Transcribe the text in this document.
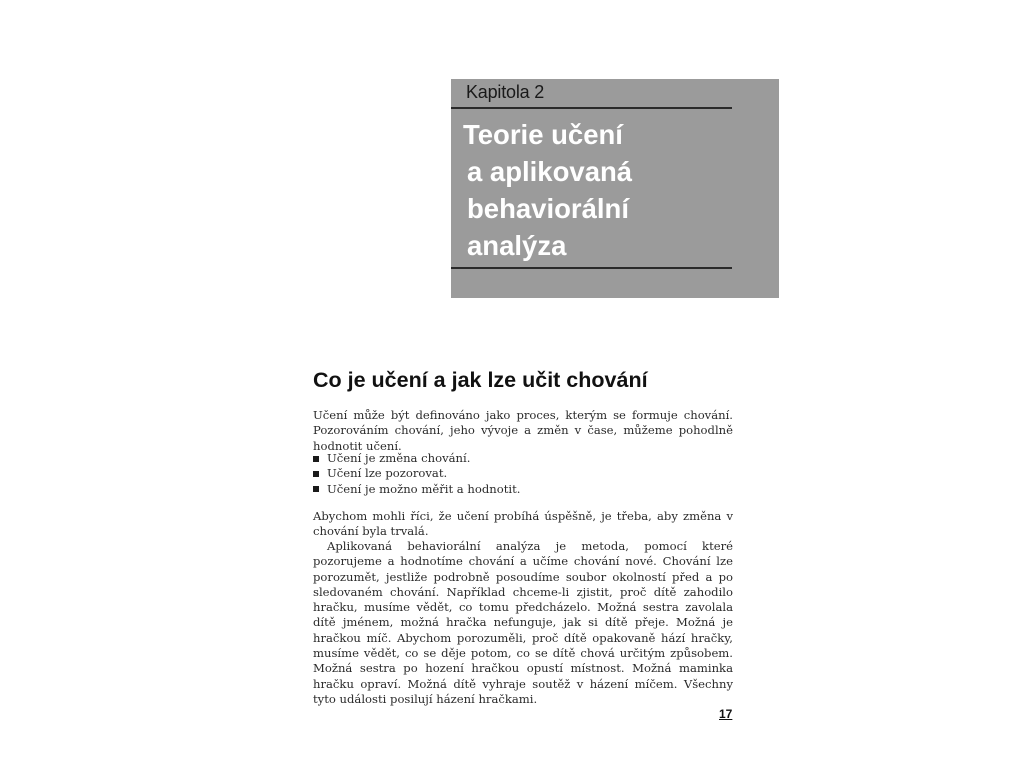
Kapitola 2
Teorie učení
a aplikovaná
behaviorální
analýza
Co je učení a jak lze učit chování

Učení může být definováno jako proces, kterým se formuje chování. Pozorováním chování, jeho vývoje a změn v čase, můžeme pohodlně hodnotit učení.

Učení je změna chování.
Učení lze pozorovat.
Učení je možno měřit a hodnotit.

Abychom mohli říci, že učení probíhá úspěšně, je třeba, aby změna v chování byla trvalá.

Aplikovaná behaviorální analýza je metoda, pomocí které pozorujeme a hodnotíme chování a učíme chování nové. Chování lze porozumět, jestliže podrobně posoudíme soubor okolností před a po sledovaném chování. Například chceme-li zjistit, proč dítě zahodilo hračku, musíme vědět, co tomu předcházelo. Možná sestra zavolala dítě jménem, možná hračka nefunguje, jak si dítě přeje. Možná je hračkou míč. Abychom porozuměli, proč dítě opakovaně hází hračky, musíme vědět, co se děje potom, co se dítě chová určitým způsobem. Možná sestra po hození hračkou opustí místnost. Možná maminka hračku opraví. Možná dítě vyhraje soutěž v házení míčem. Všechny tyto události posilují házení hračkami.

17
